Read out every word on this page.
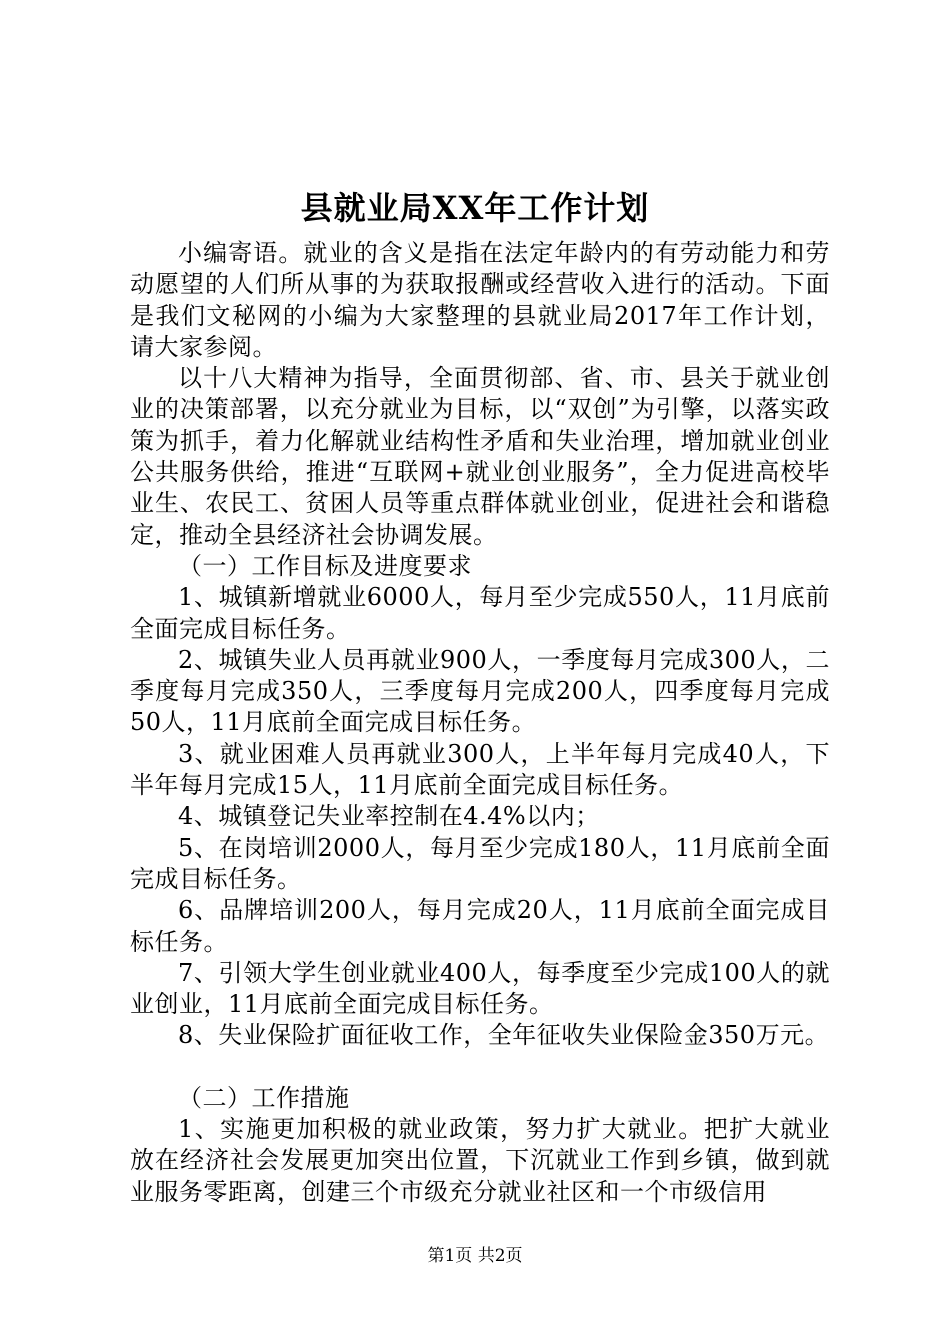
县就业局XX年工作计划

小编寄语。就业的含义是指在法定年龄内的有劳动能力和劳动愿望的人们所从事的为获取报酬或经营收入进行的活动。下面是我们文秘网的小编为大家整理的县就业局2017年工作计划，请大家参阅。

以十八大精神为指导，全面贯彻部、省、市、县关于就业创业的决策部署，以充分就业为目标，以“双创”为引擎，以落实政策为抓手，着力化解就业结构性矛盾和失业治理，增加就业创业公共服务供给，推进“互联网+就业创业服务”，全力促进高校毕业生、农民工、贫困人员等重点群体就业创业，促进社会和谐稳定，推动全县经济社会协调发展。

（一）工作目标及进度要求

1、城镇新增就业6000人，每月至少完成550人，11月底前全面完成目标任务。

2、城镇失业人员再就业900人，一季度每月完成300人，二季度每月完成350人，三季度每月完成200人，四季度每月完成50人，11月底前全面完成目标任务。

3、就业困难人员再就业300人，上半年每月完成40人，下半年每月完成15人，11月底前全面完成目标任务。

4、城镇登记失业率控制在4.4%以内；

5、在岗培训2000人，每月至少完成180人，11月底前全面完成目标任务。

6、品牌培训200人，每月完成20人，11月底前全面完成目标任务。

7、引领大学生创业就业400人，每季度至少完成100人的就业创业，11月底前全面完成目标任务。

8、失业保险扩面征收工作，全年征收失业保险金350万元。

（二）工作措施

1、实施更加积极的就业政策，努力扩大就业。把扩大就业放在经济社会发展更加突出位置，下沉就业工作到乡镇，做到就业服务零距离，创建三个市级充分就业社区和一个市级信用

第1页 共2页
